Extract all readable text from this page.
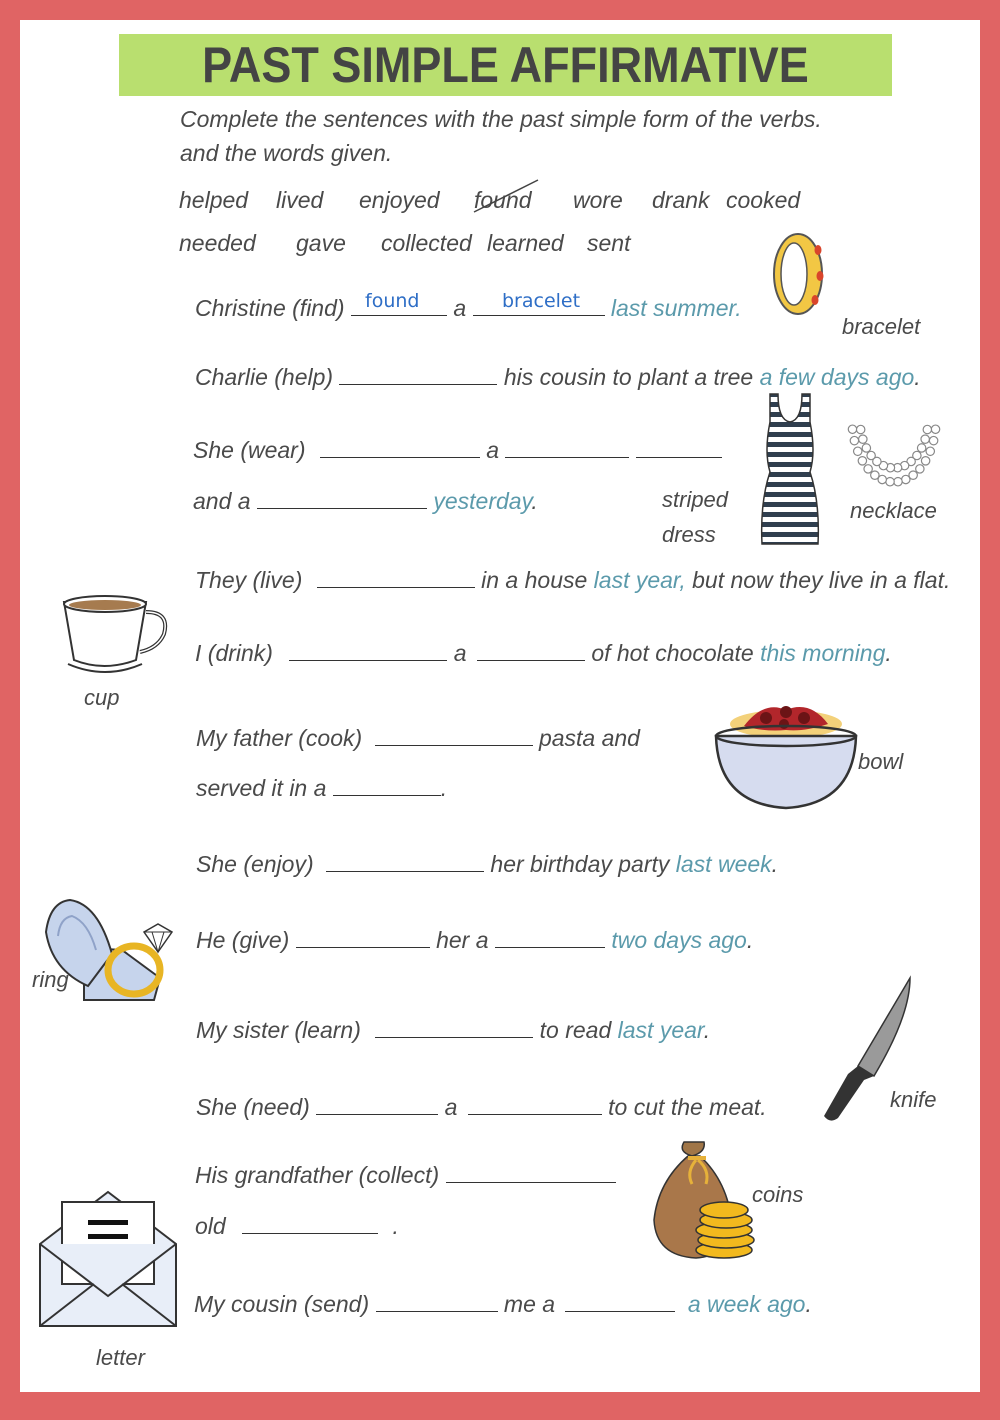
PAST SIMPLE AFFIRMATIVE
Complete the sentences with the past simple form of the verbs.
and the words given.
helped lived enjoyed found wore drank cooked
needed gave collected learned sent
Christine (find)	a	last summer.
found	bracelet
Charlie (help)	his cousin to plant a tree a few days ago.
She (wear)	a
and a	yesterday.
They (live)	in a house last year, but now they live in a flat.
I (drink)	a	of hot chocolate this morning.
My father (cook)	pasta and
served it in a	.
She (enjoy)	her birthday party last week.
He (give)	her a	two days ago.
My sister (learn)	to read last year.
She (need)	a	to cut the meat.
His grandfather (collect)
old	.
My cousin (send)	me a	a week ago.
bracelet
striped
dress
necklace
cup
bowl
ring
knife
coins
letter
